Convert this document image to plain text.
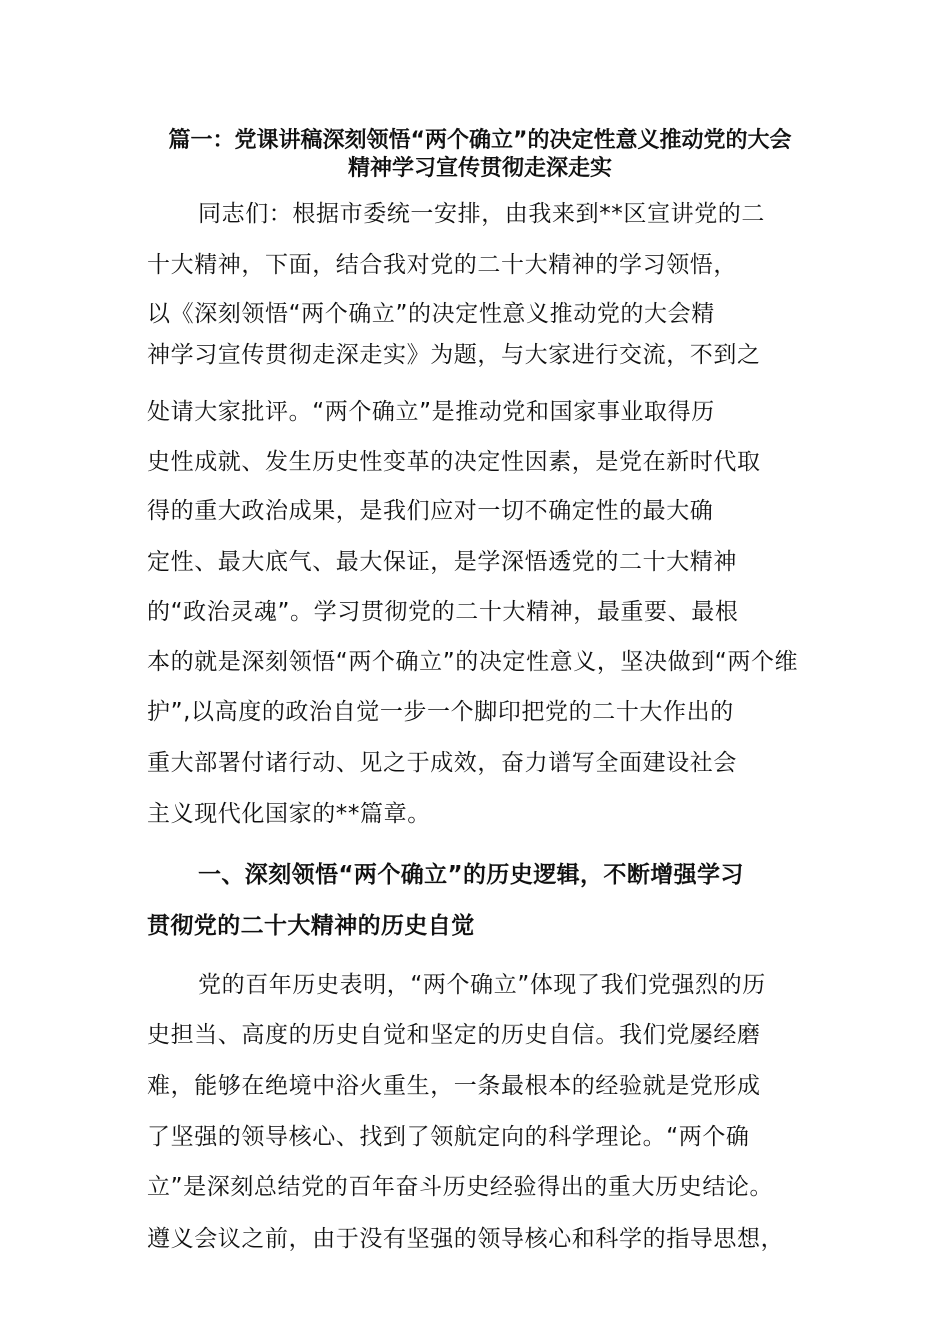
篇一：党课讲稿深刻领悟“两个确立”的决定性意义推动党的大会
精神学习宣传贯彻走深走实
同志们：根据市委统一安排，由我来到**区宣讲党的二
十大精神，下面，结合我对党的二十大精神的学习领悟，
以《深刻领悟“两个确立”的决定性意义推动党的大会精
神学习宣传贯彻走深走实》为题，与大家进行交流，不到之
处请大家批评。“两个确立”是推动党和国家事业取得历
史性成就、发生历史性变革的决定性因素，是党在新时代取
得的重大政治成果，是我们应对一切不确定性的最大确
定性、最大底气、最大保证，是学深悟透党的二十大精神
的“政治灵魂”。学习贯彻党的二十大精神，最重要、最根
本的就是深刻领悟“两个确立”的决定性意义，坚决做到“两个维
护”,以高度的政治自觉一步一个脚印把党的二十大作出的
重大部署付诸行动、见之于成效，奋力谱写全面建设社会
主义现代化国家的**篇章。
一、深刻领悟“两个确立”的历史逻辑，不断增强学习
贯彻党的二十大精神的历史自觉
党的百年历史表明，“两个确立”体现了我们党强烈的历
史担当、高度的历史自觉和坚定的历史自信。我们党屡经磨
难，能够在绝境中浴火重生，一条最根本的经验就是党形成
了坚强的领导核心、找到了领航定向的科学理论。“两个确
立”是深刻总结党的百年奋斗历史经验得出的重大历史结论。
遵义会议之前，由于没有坚强的领导核心和科学的指导思想，
